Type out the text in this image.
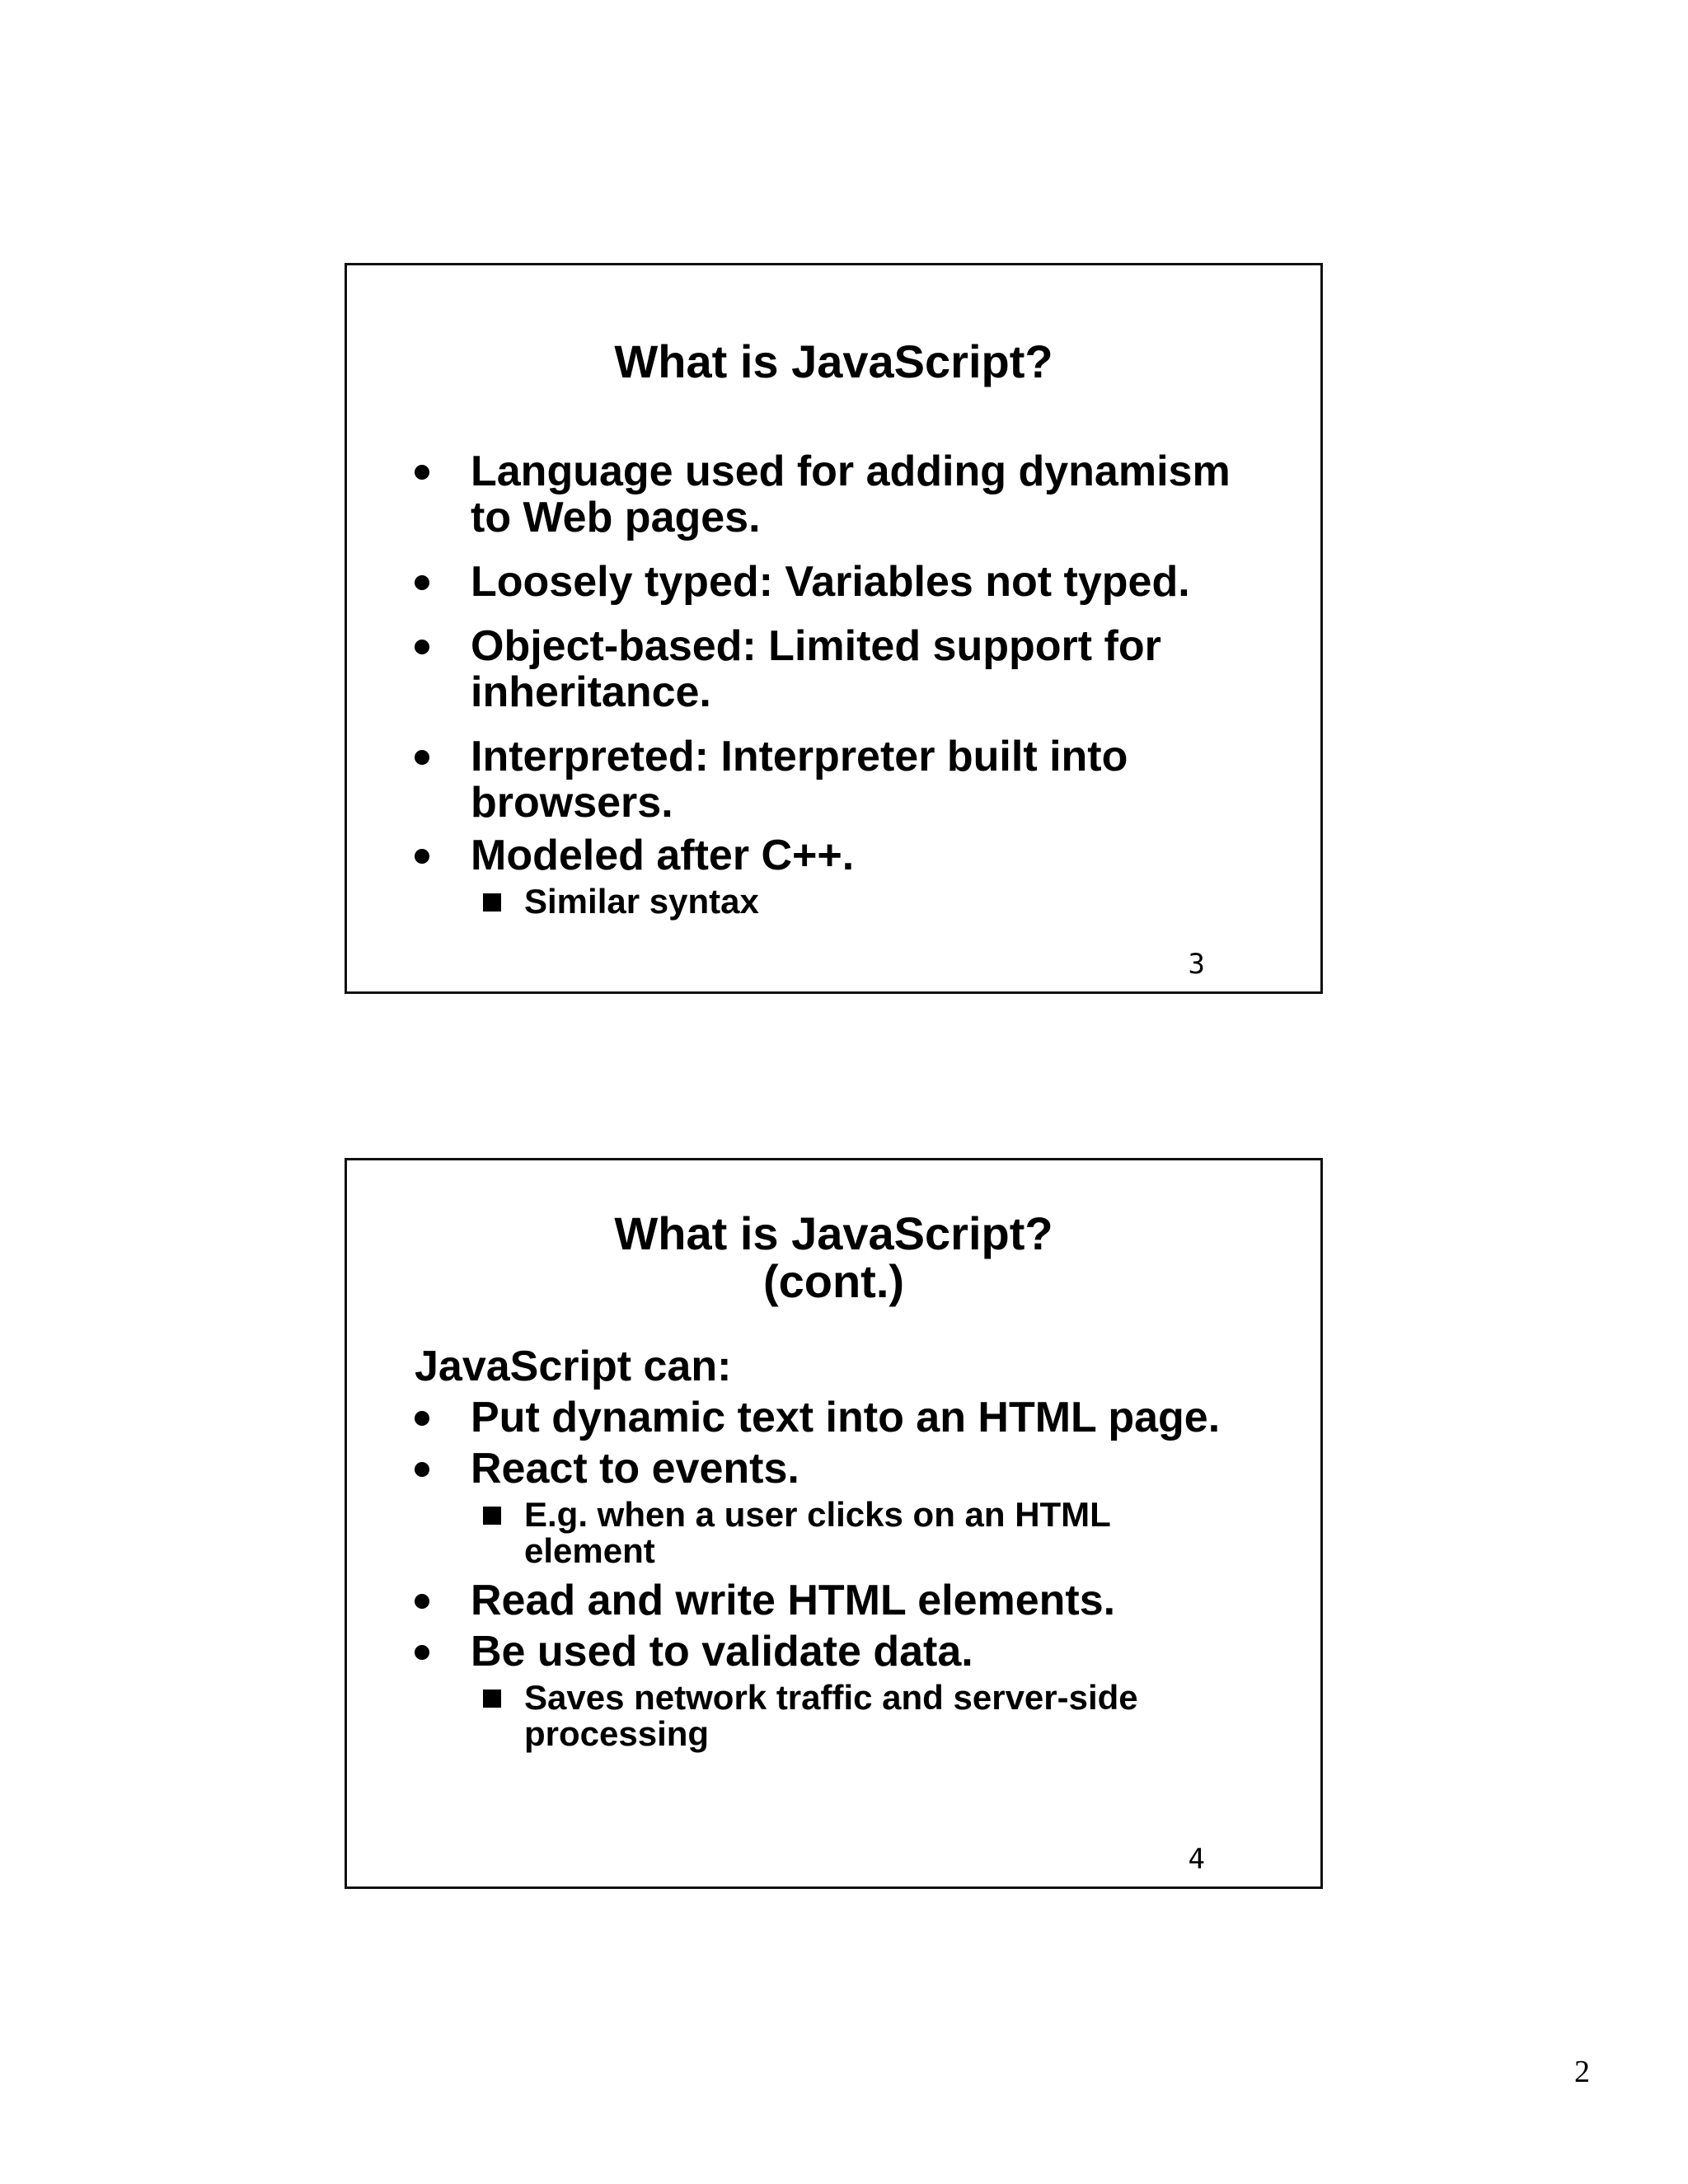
What is JavaScript?
Language used for adding dynamism
to Web pages.
Loosely typed: Variables not typed.
Object-based: Limited support for
inheritance.
Interpreted: Interpreter built into
browsers.
Modeled after C++.
Similar syntax
3
What is JavaScript?
(cont.)
JavaScript can:
Put dynamic text into an HTML page.
React to events.
E.g. when a user clicks on an HTML
element
Read and write HTML elements.
Be used to validate data.
Saves network traffic and server-side
processing
4
2
